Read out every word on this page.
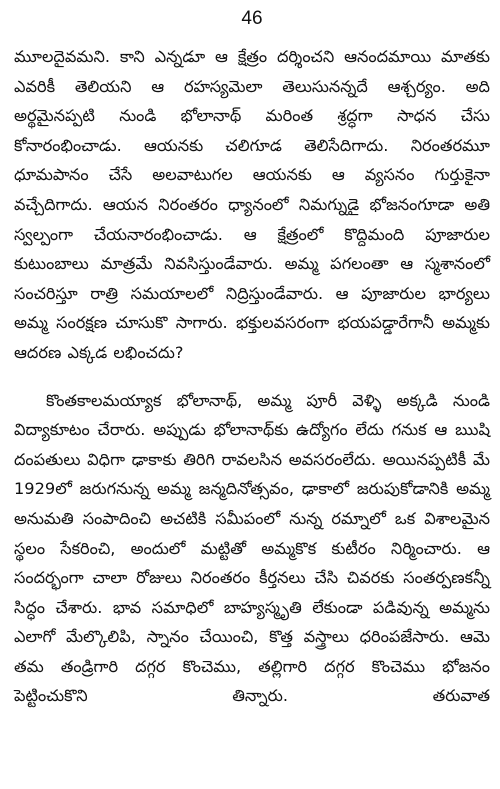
46

మూలదైవమని. కాని ఎన్నడూ ఆ క్షేత్రం దర్శించని ఆనందమాయి మాతకు ఎవరికీ తెలియని ఆ రహస్యమెలా తెలుసునన్నదే ఆశ్చర్యం. అది అర్థమైనప్పటి నుండి భోలానాథ్ మరింత శ్రద్ధగా సాధన చేసు కోనారంభించాడు. ఆయనకు చలిగూడ తెలిసేదిగాదు. నిరంతరమూ ధూమపానం చేసే అలవాటుగల ఆయనకు ఆ వ్యసనం గుర్తుకైనా వచ్చేదిగాదు. ఆయన నిరంతరం ధ్యానంలో నిమగ్నుడై భోజనంగూడా అతి స్వల్పంగా చేయనారంభించాడు. ఆ క్షేత్రంలో కొద్దిమంది పూజారుల కుటుంబాలు మాత్రమే నివసిస్తుండేవారు. అమ్మ పగలంతా ఆ స్మశానంలో సంచరిస్తూ రాత్రి సమయాలలో నిద్రిస్తుండేవారు. ఆ పూజారుల భార్యలు అమ్మ సంరక్షణ చూసుకొ సాగారు. భక్తులవసరంగా భయపడ్డారేగానీ అమ్మకు ఆదరణ ఎక్కడ లభించదు?

కొంతకాలమయ్యాక భోలానాథ్, అమ్మ పూరీ వెళ్ళి అక్కడి నుండి విద్యాకూటం చేరారు. అప్పుడు భోలానాథ్‌కు ఉద్యోగం లేదు గనుక ఆ ఋషి దంపతులు విధిగా ఢాకాకు తిరిగి రావలసిన అవసరంలేదు. అయినప్పటికీ మే 1929లో జరుగనున్న అమ్మ జన్మదినోత్సవం, ఢాకాలో జరుపుకోడానికి అమ్మ అనుమతి సంపాదించి అచటికి సమీపంలో నున్న రమ్నాలో ఒక విశాలమైన స్థలం సేకరించి, అందులో మట్టితో అమ్మకొక కుటీరం నిర్మించారు. ఆ సందర్భంగా చాలా రోజులు నిరంతరం కీర్తనలు చేసి చివరకు సంతర్పణకన్నీ సిద్ధం చేశారు. భావ సమాధిలో బాహ్యస్మృతి లేకుండా పడివున్న అమ్మను ఎలాగో మేల్కొలిపి, స్నానం చేయించి, కొత్త వస్త్రాలు ధరింపజేసారు. ఆమె తమ తండ్రిగారి దగ్గర కొంచెము, తల్లిగారి దగ్గర కొంచెము భోజనం పెట్టించుకొని తిన్నారు. తరువాత
